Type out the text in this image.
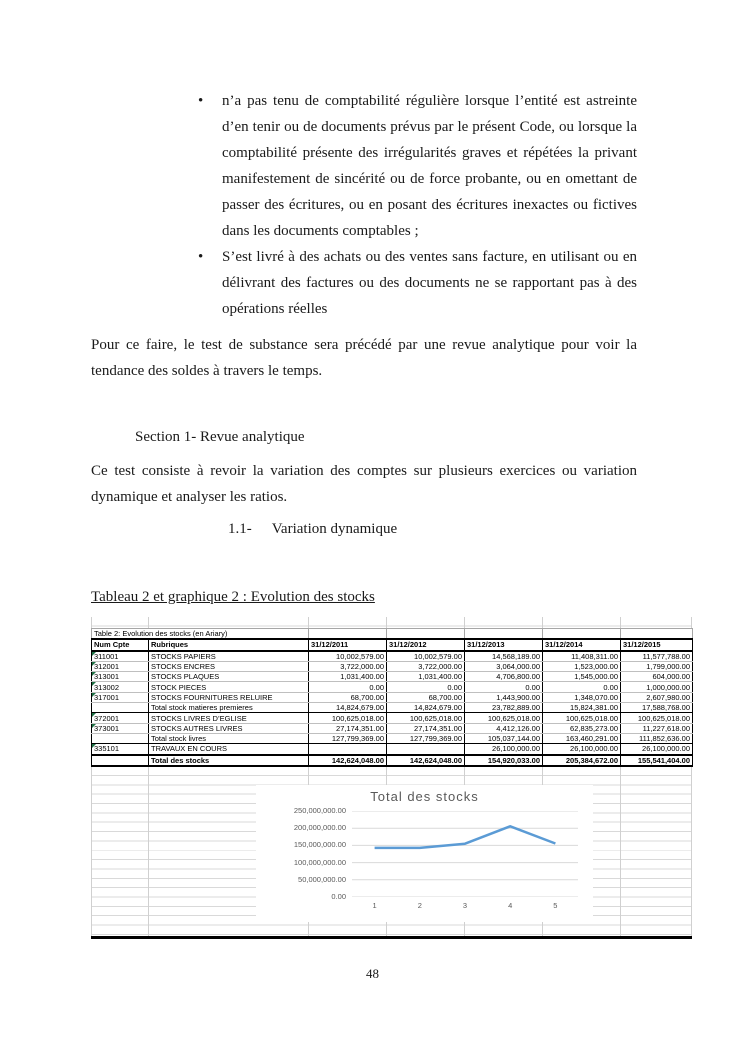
• n’a pas tenu de comptabilité régulière lorsque l’entité est astreinte d’en tenir ou de documents prévus par le présent Code, ou lorsque la comptabilité présente des irrégularités graves et répétées la privant manifestement de sincérité ou de force probante, ou en omettant de passer des écritures, ou en posant des écritures inexactes ou fictives dans les documents comptables ;
• S’est livré à des achats ou des ventes sans facture, en utilisant ou en délivrant des factures ou des documents ne se rapportant pas à des opérations réelles

Pour ce faire, le test de substance sera précédé par une revue analytique pour voir la tendance des soldes à travers le temps.

Section 1- Revue analytique

Ce test consiste à revoir la variation des comptes sur plusieurs exercices ou variation dynamique et analyser les ratios.

1.1- Variation dynamique

Tableau 2 et graphique 2 : Evolution des stocks

Table 2: Evolution des stocks (en Ariary)						
Num Cpte	Rubriques	31/12/2011	31/12/2012	31/12/2013	31/12/2014	31/12/2015
311001	STOCKS PAPIERS	10,002,579.00	10,002,579.00	14,568,189.00	11,408,311.00	11,577,788.00
312001	STOCKS ENCRES	3,722,000.00	3,722,000.00	3,064,000.00	1,523,000.00	1,799,000.00
313001	STOCKS PLAQUES	1,031,400.00	1,031,400.00	4,706,800.00	1,545,000.00	604,000.00
313002	STOCK PIECES	0.00	0.00	0.00	0.00	1,000,000.00
317001	STOCKS FOURNITURES RELUIRE	68,700.00	68,700.00	1,443,900.00	1,348,070.00	2,607,980.00
	Total stock matieres premieres	14,824,679.00	14,824,679.00	23,782,889.00	15,824,381.00	17,588,768.00
372001	STOCKS LIVRES D’EGLISE	100,625,018.00	100,625,018.00	100,625,018.00	100,625,018.00	100,625,018.00
373001	STOCKS AUTRES LIVRES	27,174,351.00	27,174,351.00	4,412,126.00	62,835,273.00	11,227,618.00
	Total stock livres	127,799,369.00	127,799,369.00	105,037,144.00	163,460,291.00	111,852,636.00
335101	TRAVAUX EN COURS			26,100,000.00	26,100,000.00	26,100,000.00
	Total des stocks	142,624,048.00	142,624,048.00	154,920,033.00	205,384,672.00	155,541,404.00
Total des stocks
250,000,000.00
200,000,000.00
150,000,000.00
100,000,000.00
50,000,000.00
0.00
1	2	3	4	5
48
